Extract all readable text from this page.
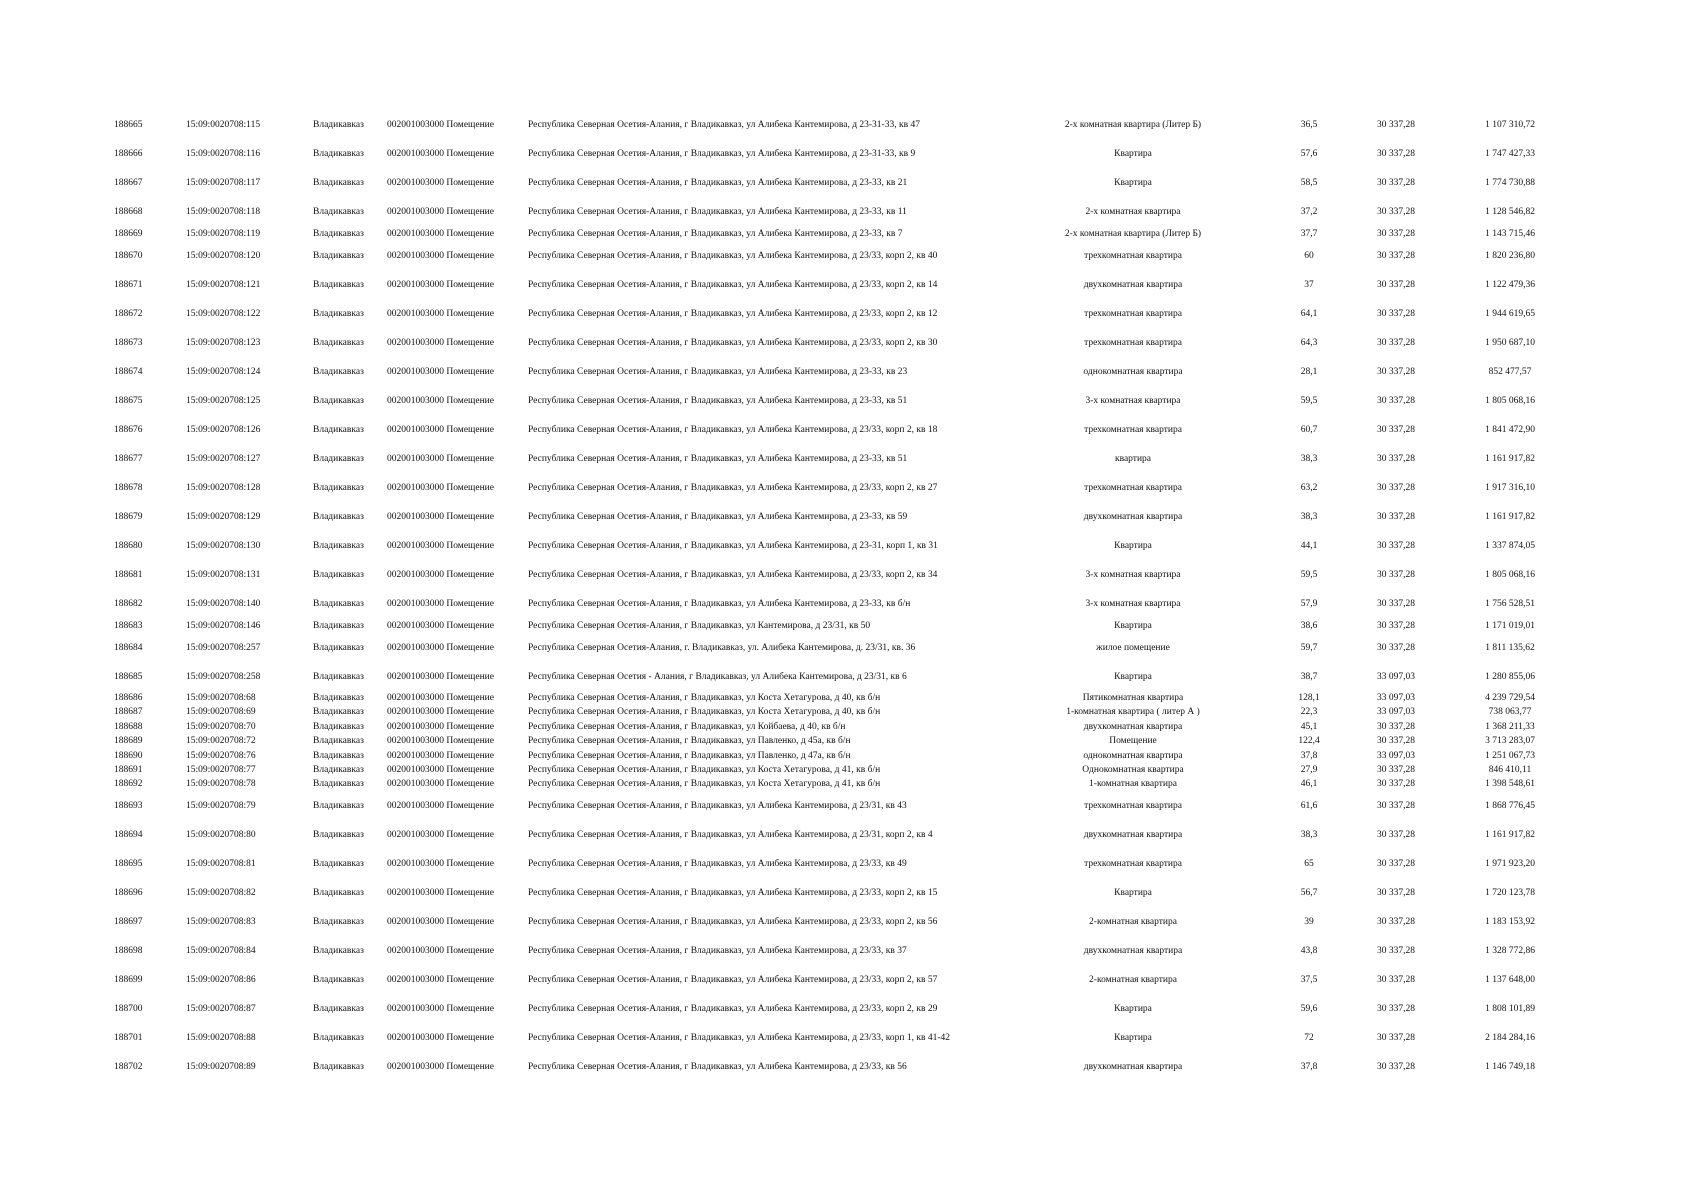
188665	15:09:0020708:115	Владикавказ	002001003000 Помещение	Республика Северная Осетия-Алания, г Владикавказ, ул Алибека Кантемирова, д 23-31-33, кв 47	2-х комнатная квартира (Литер Б)	36,5	30 337,28	1 107 310,72
188666	15:09:0020708:116	Владикавказ	002001003000 Помещение	Республика Северная Осетия-Алания, г Владикавказ, ул Алибека Кантемирова, д 23-31-33, кв 9	Квартира	57,6	30 337,28	1 747 427,33
188667	15:09:0020708:117	Владикавказ	002001003000 Помещение	Республика Северная Осетия-Алания, г Владикавказ, ул Алибека Кантемирова, д 23-33, кв 21	Квартира	58,5	30 337,28	1 774 730,88
188668	15:09:0020708:118	Владикавказ	002001003000 Помещение	Республика Северная Осетия-Алания, г Владикавказ, ул Алибека Кантемирова, д 23-33, кв 11	2-х комнатная квартира	37,2	30 337,28	1 128 546,82
188669	15:09:0020708:119	Владикавказ	002001003000 Помещение	Республика Северная Осетия-Алания, г Владикавказ, ул Алибека Кантемирова, д 23-33, кв 7	2-х комнатная квартира (Литер Б)	37,7	30 337,28	1 143 715,46
188670	15:09:0020708:120	Владикавказ	002001003000 Помещение	Республика Северная Осетия-Алания, г Владикавказ, ул Алибека Кантемирова, д 23/33, корп 2, кв 40	трехкомнатная квартира	60	30 337,28	1 820 236,80
188671	15:09:0020708:121	Владикавказ	002001003000 Помещение	Республика Северная Осетия-Алания, г Владикавказ, ул Алибека Кантемирова, д 23/33, корп 2, кв 14	двухкомнатная квартира	37	30 337,28	1 122 479,36
188672	15:09:0020708:122	Владикавказ	002001003000 Помещение	Республика Северная Осетия-Алания, г Владикавказ, ул Алибека Кантемирова, д 23/33, корп 2, кв 12	трехкомнатная квартира	64,1	30 337,28	1 944 619,65
188673	15:09:0020708:123	Владикавказ	002001003000 Помещение	Республика Северная Осетия-Алания, г Владикавказ, ул Алибека Кантемирова, д 23/33, корп 2, кв 30	трехкомнатная квартира	64,3	30 337,28	1 950 687,10
188674	15:09:0020708:124	Владикавказ	002001003000 Помещение	Республика Северная Осетия-Алания, г Владикавказ, ул Алибека Кантемирова, д 23-33, кв 23	однокомнатная квартира	28,1	30 337,28	852 477,57
188675	15:09:0020708:125	Владикавказ	002001003000 Помещение	Республика Северная Осетия-Алания, г Владикавказ, ул Алибека Кантемирова, д 23-33, кв 51	3-х комнатная квартира	59,5	30 337,28	1 805 068,16
188676	15:09:0020708:126	Владикавказ	002001003000 Помещение	Республика Северная Осетия-Алания, г Владикавказ, ул Алибека Кантемирова, д 23/33, корп 2, кв 18	трехкомнатная квартира	60,7	30 337,28	1 841 472,90
188677	15:09:0020708:127	Владикавказ	002001003000 Помещение	Республика Северная Осетия-Алания, г Владикавказ, ул Алибека Кантемирова, д 23-33, кв 51	квартира	38,3	30 337,28	1 161 917,82
188678	15:09:0020708:128	Владикавказ	002001003000 Помещение	Республика Северная Осетия-Алания, г Владикавказ, ул Алибека Кантемирова, д 23/33, корп 2, кв 27	трехкомнатная квартира	63,2	30 337,28	1 917 316,10
188679	15:09:0020708:129	Владикавказ	002001003000 Помещение	Республика Северная Осетия-Алания, г Владикавказ, ул Алибека Кантемирова, д 23-33, кв 59	двухкомнатная квартира	38,3	30 337,28	1 161 917,82
188680	15:09:0020708:130	Владикавказ	002001003000 Помещение	Республика Северная Осетия-Алания, г Владикавказ, ул Алибека Кантемирова, д 23-31, корп 1, кв 31	Квартира	44,1	30 337,28	1 337 874,05
188681	15:09:0020708:131	Владикавказ	002001003000 Помещение	Республика Северная Осетия-Алания, г Владикавказ, ул Алибека Кантемирова, д 23/33, корп 2, кв 34	3-х комнатная квартира	59,5	30 337,28	1 805 068,16
188682	15:09:0020708:140	Владикавказ	002001003000 Помещение	Республика Северная Осетия-Алания, г Владикавказ, ул Алибека Кантемирова, д 23-33, кв б/н	3-х комнатная квартира	57,9	30 337,28	1 756 528,51
188683	15:09:0020708:146	Владикавказ	002001003000 Помещение	Республика Северная Осетия-Алания, г Владикавказ, ул Кантемирова, д 23/31, кв 50	Квартира	38,6	30 337,28	1 171 019,01
188684	15:09:0020708:257	Владикавказ	002001003000 Помещение	Республика Северная Осетия-Алания, г. Владикавказ, ул. Алибека Кантемирова, д. 23/31, кв. 36	жилое помещение	59,7	30 337,28	1 811 135,62
188685	15:09:0020708:258	Владикавказ	002001003000 Помещение	Республика Северная Осетия - Алания, г Владикавказ, ул Алибека Кантемирова, д 23/31, кв 6	Квартира	38,7	33 097,03	1 280 855,06
188686	15:09:0020708:68	Владикавказ	002001003000 Помещение	Республика Северная Осетия-Алания, г Владикавказ, ул Коста Хетагурова, д 40, кв б/н	Пятикомнатная квартира	128,1	33 097,03	4 239 729,54
188687	15:09:0020708:69	Владикавказ	002001003000 Помещение	Республика Северная Осетия-Алания, г Владикавказ, ул Коста Хетагурова, д 40, кв б/н	1-комнатная квартира ( литер А )	22,3	33 097,03	738 063,77
188688	15:09:0020708:70	Владикавказ	002001003000 Помещение	Республика Северная Осетия-Алания, г Владикавказ, ул Койбаева, д 40, кв б/н	двухкомнатная квартира	45,1	30 337,28	1 368 211,33
188689	15:09:0020708:72	Владикавказ	002001003000 Помещение	Республика Северная Осетия-Алания, г Владикавказ, ул Павленко, д 45а, кв б/н	Помещение	122,4	30 337,28	3 713 283,07
188690	15:09:0020708:76	Владикавказ	002001003000 Помещение	Республика Северная Осетия-Алания, г Владикавказ, ул Павленко, д 47а, кв б/н	однокомнатная квартира	37,8	33 097,03	1 251 067,73
188691	15:09:0020708:77	Владикавказ	002001003000 Помещение	Республика Северная Осетия-Алания, г Владикавказ, ул Коста Хетагурова, д 41, кв б/н	Однокомнатная квартира	27,9	30 337,28	846 410,11
188692	15:09:0020708:78	Владикавказ	002001003000 Помещение	Республика Северная Осетия-Алания, г Владикавказ, ул Коста Хетагурова, д 41, кв б/н	1-комнатная квартира	46,1	30 337,28	1 398 548,61
188693	15:09:0020708:79	Владикавказ	002001003000 Помещение	Республика Северная Осетия-Алания, г Владикавказ, ул Алибека Кантемирова, д 23/31, кв 43	трехкомнатная квартира	61,6	30 337,28	1 868 776,45
188694	15:09:0020708:80	Владикавказ	002001003000 Помещение	Республика Северная Осетия-Алания, г Владикавказ, ул Алибека Кантемирова, д 23/31, корп 2, кв 4	двухкомнатная квартира	38,3	30 337,28	1 161 917,82
188695	15:09:0020708:81	Владикавказ	002001003000 Помещение	Республика Северная Осетия-Алания, г Владикавказ, ул Алибека Кантемирова, д 23/33, кв 49	трехкомнатная квартира	65	30 337,28	1 971 923,20
188696	15:09:0020708:82	Владикавказ	002001003000 Помещение	Республика Северная Осетия-Алания, г Владикавказ, ул Алибека Кантемирова, д 23/33, корп 2, кв 15	Квартира	56,7	30 337,28	1 720 123,78
188697	15:09:0020708:83	Владикавказ	002001003000 Помещение	Республика Северная Осетия-Алания, г Владикавказ, ул Алибека Кантемирова, д 23/33, корп 2, кв 56	2-комнатная квартира	39	30 337,28	1 183 153,92
188698	15:09:0020708:84	Владикавказ	002001003000 Помещение	Республика Северная Осетия-Алания, г Владикавказ, ул Алибека Кантемирова, д 23/33, кв 37	двухкомнатная квартира	43,8	30 337,28	1 328 772,86
188699	15:09:0020708:86	Владикавказ	002001003000 Помещение	Республика Северная Осетия-Алания, г Владикавказ, ул Алибека Кантемирова, д 23/33, корп 2, кв 57	2-комнатная квартира	37,5	30 337,28	1 137 648,00
188700	15:09:0020708:87	Владикавказ	002001003000 Помещение	Республика Северная Осетия-Алания, г Владикавказ, ул Алибека Кантемирова, д 23/33, корп 2, кв 29	Квартира	59,6	30 337,28	1 808 101,89
188701	15:09:0020708:88	Владикавказ	002001003000 Помещение	Республика Северная Осетия-Алания, г Владикавказ, ул Алибека Кантемирова, д 23/33, корп 1, кв 41-42	Квартира	72	30 337,28	2 184 284,16
188702	15:09:0020708:89	Владикавказ	002001003000 Помещение	Республика Северная Осетия-Алания, г Владикавказ, ул Алибека Кантемирова, д 23/33, кв 56	двухкомнатная квартира	37,8	30 337,28	1 146 749,18
